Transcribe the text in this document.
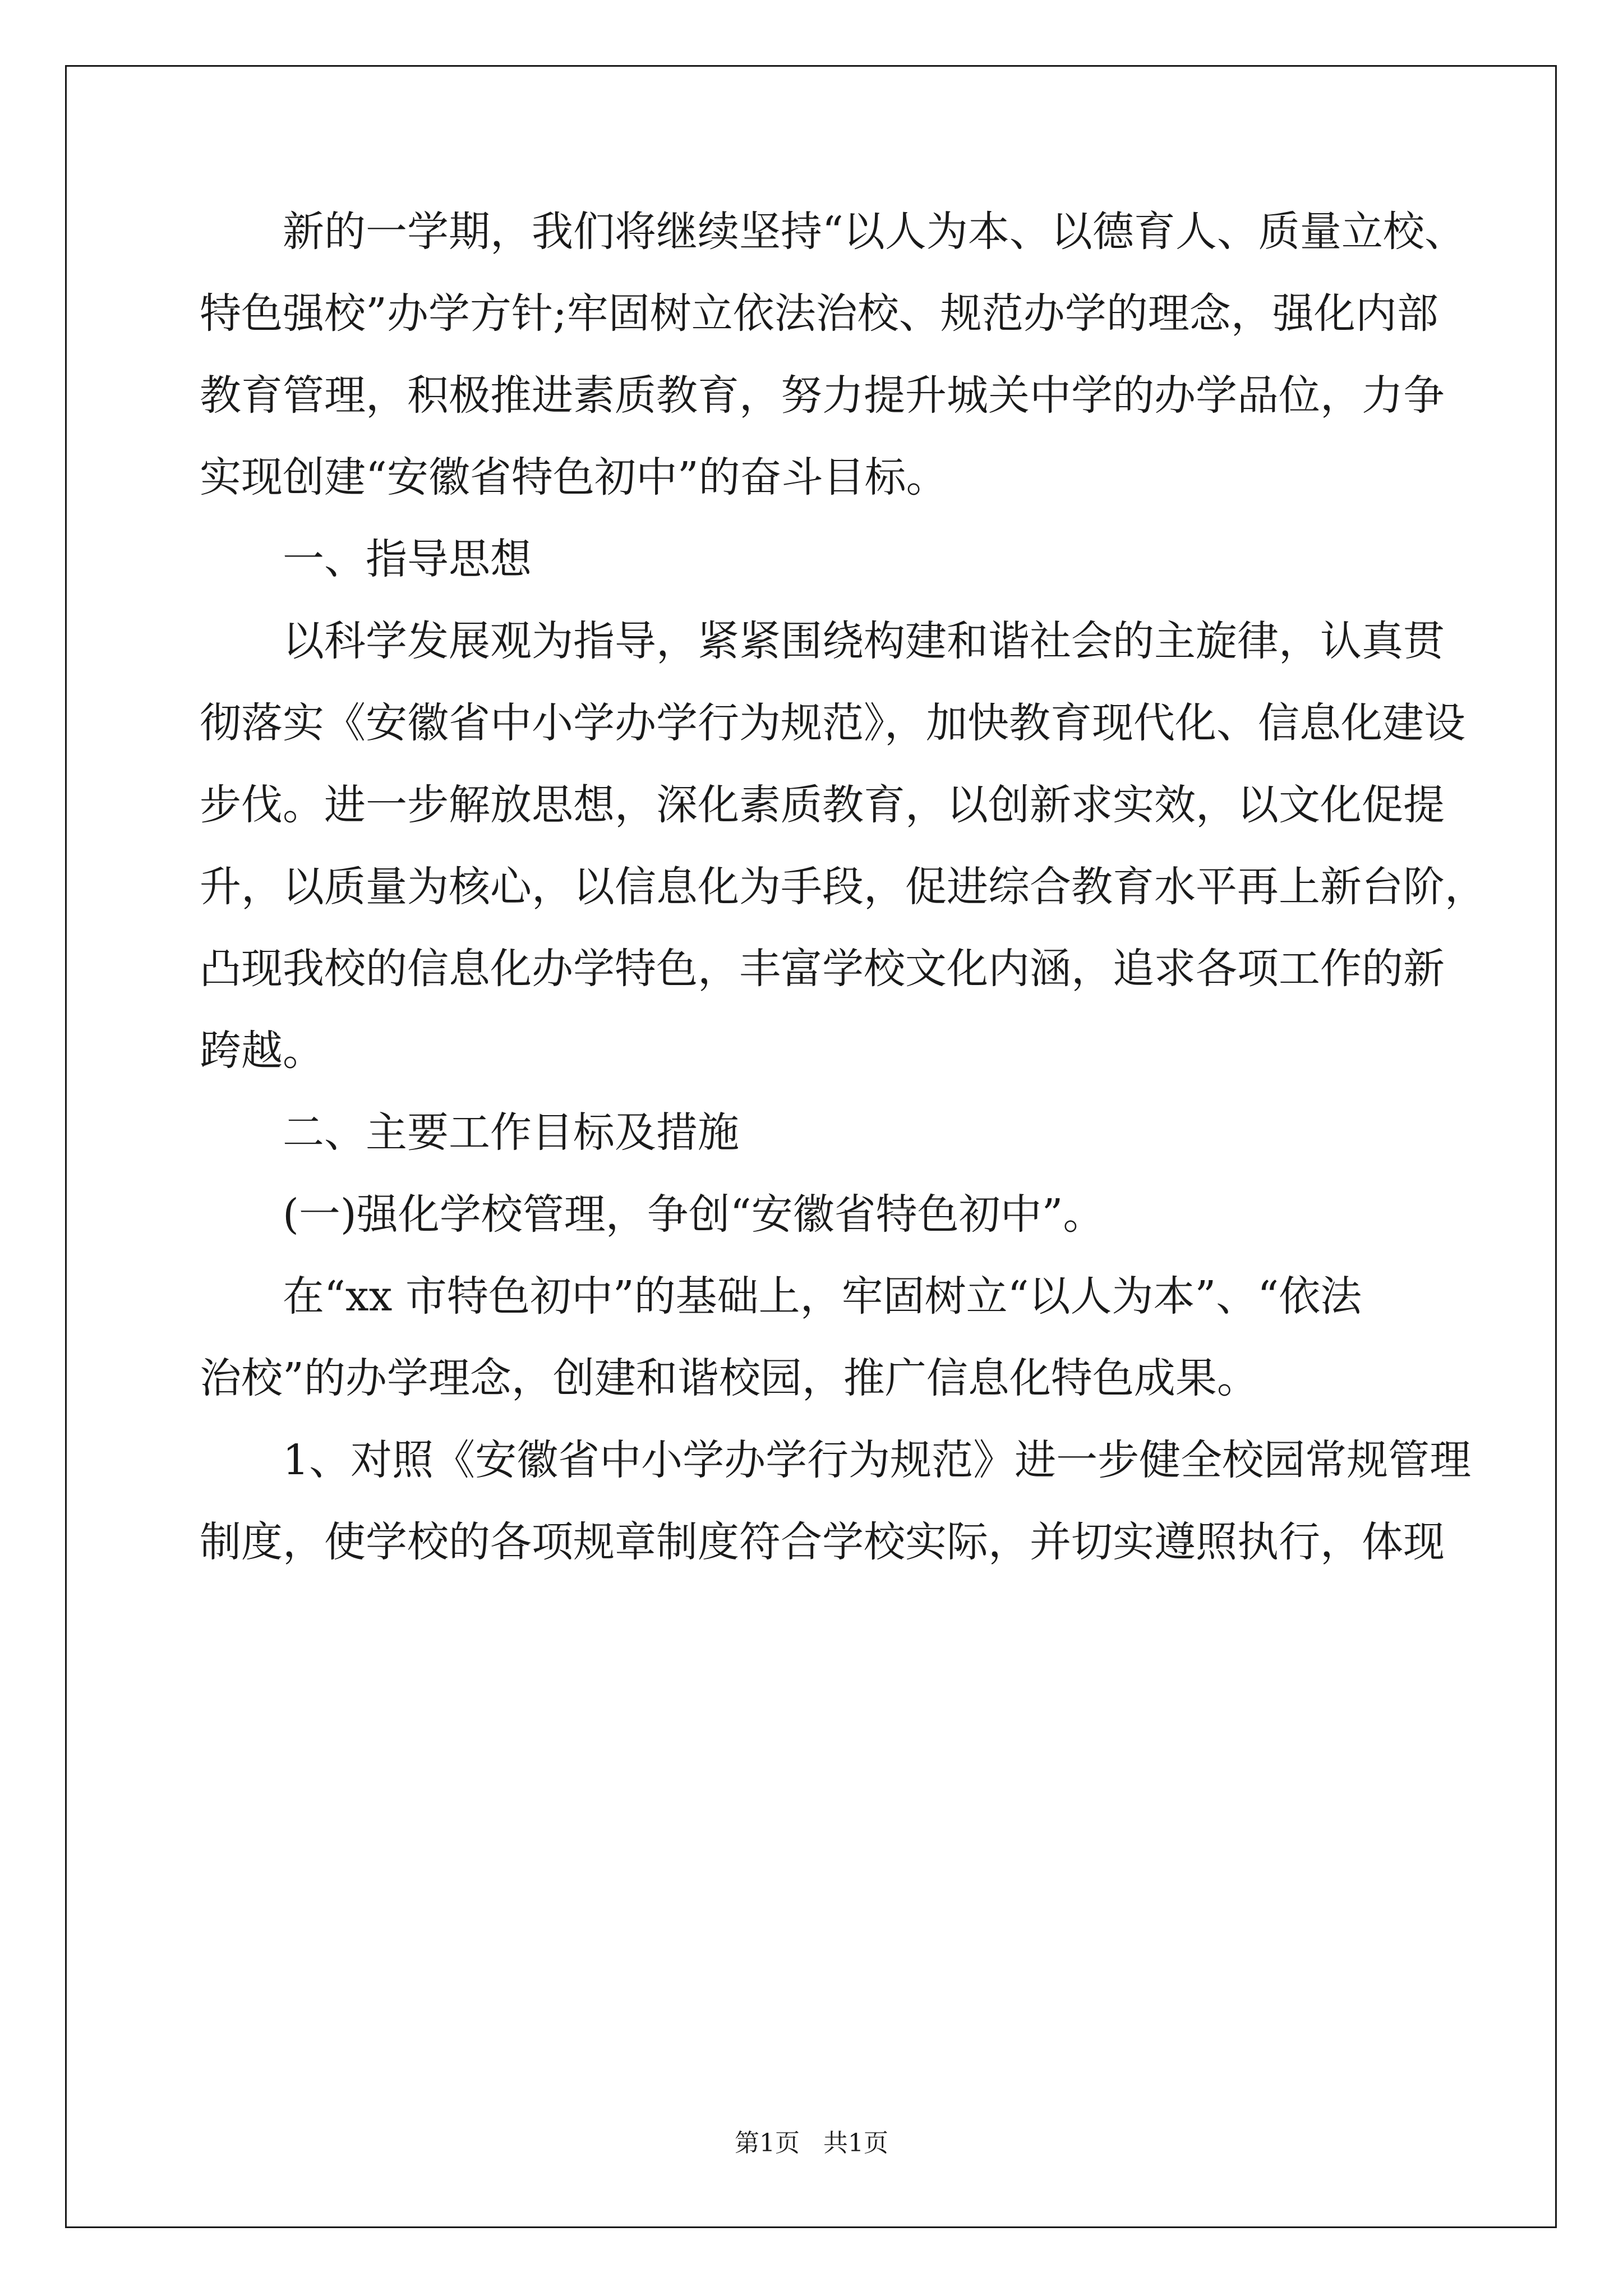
新的一学期，我们将继续坚持“以人为本、以德育人、质量立校、
特色强校”办学方针;牢固树立依法治校、规范办学的理念，强化内部
教育管理，积极推进素质教育，努力提升城关中学的办学品位，力争
实现创建“安徽省特色初中”的奋斗目标。
一、指导思想
以科学发展观为指导，紧紧围绕构建和谐社会的主旋律，认真贯
彻落实《安徽省中小学办学行为规范》，加快教育现代化、信息化建设
步伐。进一步解放思想，深化素质教育，以创新求实效，以文化促提
升，以质量为核心，以信息化为手段，促进综合教育水平再上新台阶，
凸现我校的信息化办学特色，丰富学校文化内涵，追求各项工作的新
跨越。
二、主要工作目标及措施
(一)强化学校管理，争创“安徽省特色初中”。
在“xx 市特色初中”的基础上，牢固树立“以人为本”、“依法
治校”的办学理念，创建和谐校园，推广信息化特色成果。
1、对照《安徽省中小学办学行为规范》进一步健全校园常规管理
制度，使学校的各项规章制度符合学校实际，并切实遵照执行，体现
第1页   共1页
